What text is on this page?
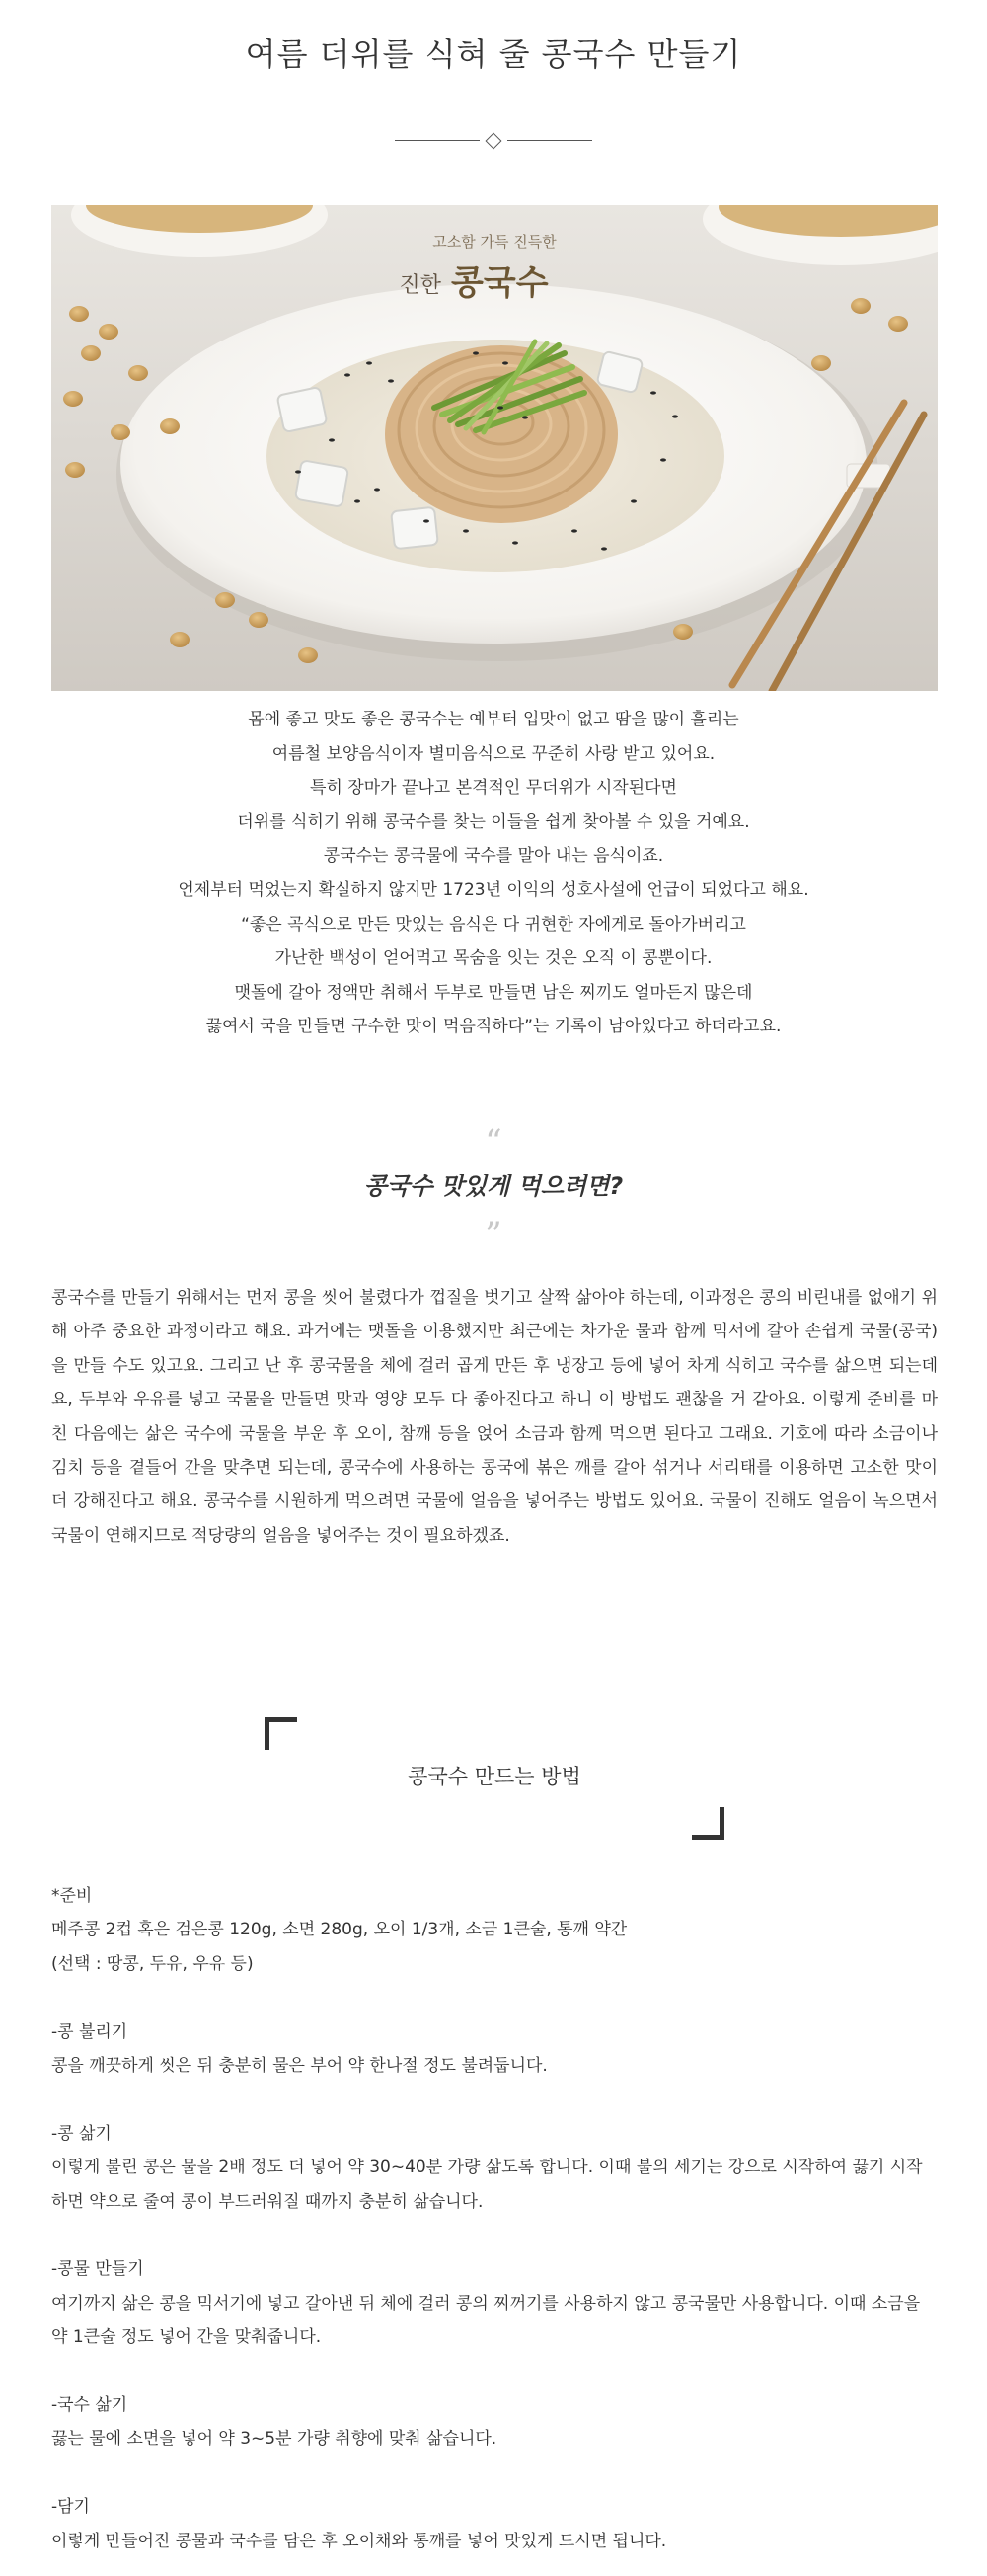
여름 더위를 식혀 줄 콩국수 만들기
고소함 가득 진득한
진한 콩국수

몸에 좋고 맛도 좋은 콩국수는 예부터 입맛이 없고 땀을 많이 흘리는

여름철 보양음식이자 별미음식으로 꾸준히 사랑 받고 있어요.

특히 장마가 끝나고 본격적인 무더위가 시작된다면

더위를 식히기 위해 콩국수를 찾는 이들을 쉽게 찾아볼 수 있을 거예요.

콩국수는 콩국물에 국수를 말아 내는 음식이죠.

언제부터 먹었는지 확실하지 않지만 1723년 이익의 성호사설에 언급이 되었다고 해요.

“좋은 곡식으로 만든 맛있는 음식은 다 귀현한 자에게로 돌아가버리고

가난한 백성이 얻어먹고 목숨을 잇는 것은 오직 이 콩뿐이다.

맷돌에 갈아 정액만 취해서 두부로 만들면 남은 찌끼도 얼마든지 많은데

끓여서 국을 만들면 구수한 맛이 먹음직하다”는 기록이 남아있다고 하더라고요.

“
콩국수 맛있게 먹으려면?
”

콩국수를 만들기 위해서는 먼저 콩을 씻어 불렸다가 껍질을 벗기고 살짝 삶아야 하는데, 이과정은 콩의 비린내를 없애기 위해 아주 중요한 과정이라고 해요. 과거에는 맷돌을 이용했지만 최근에는 차가운 물과 함께 믹서에 갈아 손쉽게 국물(콩국)을 만들 수도 있고요. 그리고 난 후 콩국물을 체에 걸러 곱게 만든 후 냉장고 등에 넣어 차게 식히고 국수를 삶으면 되는데요, 두부와 우유를 넣고 국물을 만들면 맛과 영양 모두 다 좋아진다고 하니 이 방법도 괜찮을 거 같아요. 이렇게 준비를 마친 다음에는 삶은 국수에 국물을 부운 후 오이, 참깨 등을 얹어 소금과 함께 먹으면 된다고 그래요. 기호에 따라 소금이나 김치 등을 곁들어 간을 맞추면 되는데, 콩국수에 사용하는 콩국에 볶은 깨를 갈아 섞거나 서리태를 이용하면 고소한 맛이 더 강해진다고 해요. 콩국수를 시원하게 먹으려면 국물에 얼음을 넣어주는 방법도 있어요. 국물이 진해도 얼음이 녹으면서 국물이 연해지므로 적당량의 얼음을 넣어주는 것이 필요하겠죠.

콩국수 만드는 방법
*준비
메주콩 2컵 혹은 검은콩 120g, 소면 280g, 오이 1/3개, 소금 1큰술, 통깨 약간
(선택 : 땅콩, 두유, 우유 등)
-콩 불리기
콩을 깨끗하게 씻은 뒤 충분히 물은 부어 약 한나절 정도 불려둡니다.
-콩 삶기
이렇게 불린 콩은 물을 2배 정도 더 넣어 약 30~40분 가량 삶도록 합니다. 이때 불의 세기는 강으로 시작하여 끓기 시작하면 약으로 줄여 콩이 부드러워질 때까지 충분히 삶습니다.
-콩물 만들기
여기까지 삶은 콩을 믹서기에 넣고 갈아낸 뒤 체에 걸러 콩의 찌꺼기를 사용하지 않고 콩국물만 사용합니다. 이때 소금을 약 1큰술 정도 넣어 간을 맞춰줍니다.
-국수 삶기
끓는 물에 소면을 넣어 약 3~5분 가량 취향에 맞춰 삶습니다.
-담기
이렇게 만들어진 콩물과 국수를 담은 후 오이채와 통깨를 넣어 맛있게 드시면 됩니다.
